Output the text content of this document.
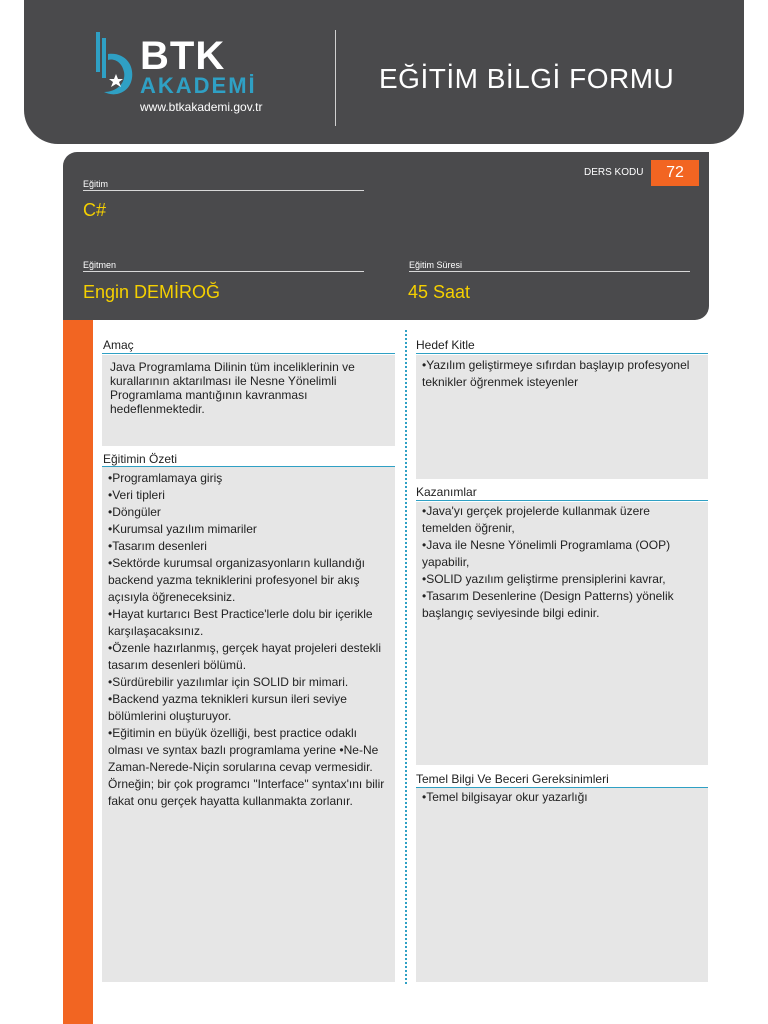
BTK
AKADEMİ
www.btkakademi.gov.tr
EĞİTİM BİLGİ FORMU
DERS KODU	72
Eğitim
C#
Eğitmen
Engin DEMİROĞ
Eğitim Süresi
45 Saat
Amaç
Java Programlama Dilinin tüm inceliklerinin ve kurallarının aktarılması ile Nesne Yönelimli Programlama mantığının kavranması hedeflenmektedir.
Eğitimin Özeti
•Programlamaya giriş
•Veri tipleri
•Döngüler
•Kurumsal yazılım mimariler
•Tasarım desenleri
•Sektörde kurumsal organizasyonların kullandığı backend yazma tekniklerini profesyonel bir akış açısıyla öğreneceksiniz.
•Hayat kurtarıcı Best Practice'lerle dolu bir içerikle karşılaşacaksınız.
•Özenle hazırlanmış, gerçek hayat projeleri destekli tasarım desenleri bölümü.
•Sürdürebilir yazılımlar için SOLID bir mimari.
•Backend yazma teknikleri kursun ileri seviye bölümlerini oluşturuyor.
•Eğitimin en büyük özelliği, best practice odaklı olması ve syntax bazlı programlama yerine •Ne-Ne Zaman-Nerede-Niçin sorularına cevap vermesidir. Örneğin; bir çok programcı "Interface" syntax'ını bilir fakat onu gerçek hayatta kullanmakta zorlanır.
Hedef Kitle
•Yazılım geliştirmeye sıfırdan başlayıp profesyonel teknikler öğrenmek isteyenler
Kazanımlar
•Java'yı gerçek projelerde kullanmak üzere temelden öğrenir,
•Java ile Nesne Yönelimli Programlama (OOP) yapabilir,
•SOLID yazılım geliştirme prensiplerini kavrar,
•Tasarım Desenlerine (Design Patterns) yönelik başlangıç seviyesinde bilgi edinir.
Temel Bilgi Ve Beceri Gereksinimleri
•Temel bilgisayar okur yazarlığı
